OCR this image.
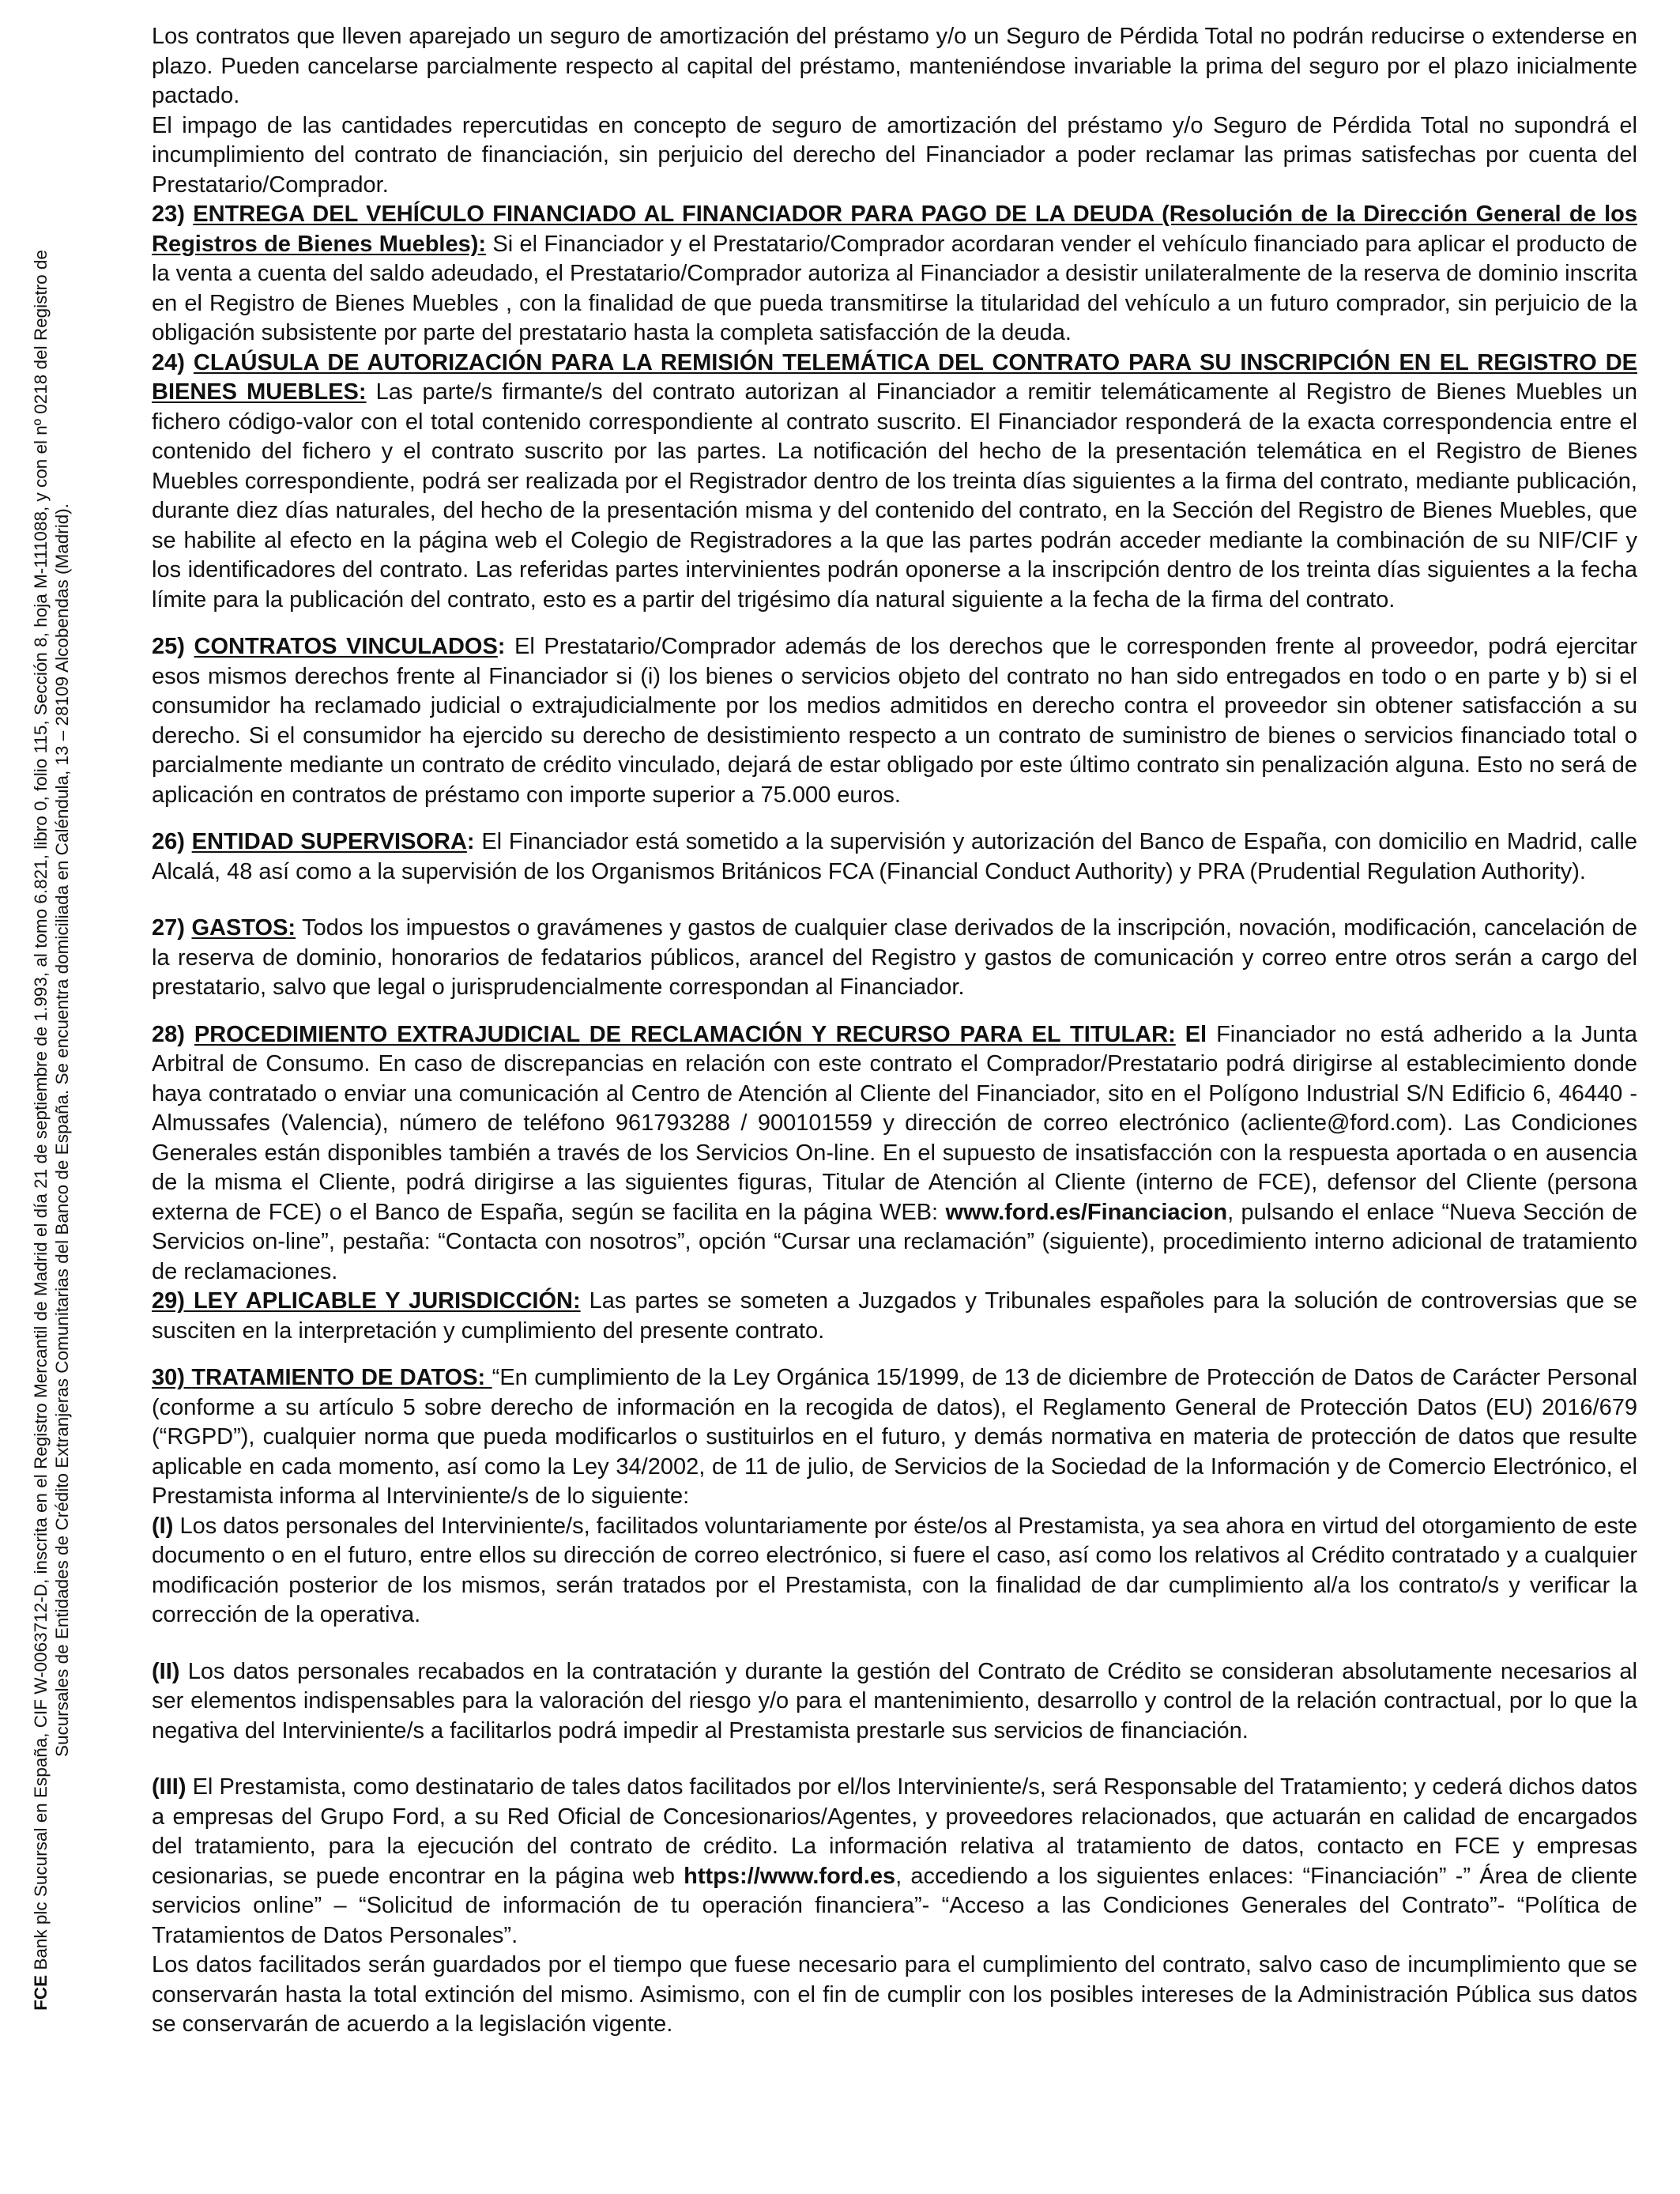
FCE Bank plc Sucursal en España, CIF W-0063712-D, inscrita en el Registro Mercantil de Madrid el día 21 de septiembre de 1.993, al tomo 6.821, libro 0, folio 115, Sección 8, hoja M-111088, y con el nº 0218 del Registro de Sucursales de Entidades de Crédito Extranjeras Comunitarias del Banco de España. Se encuentra domiciliada en Caléndula, 13 – 28109 Alcobendas (Madrid).

Los contratos que lleven aparejado un seguro de amortización del préstamo y/o un Seguro de Pérdida Total no podrán reducirse o extenderse en plazo. Pueden cancelarse parcialmente respecto al capital del préstamo, manteniéndose invariable la prima del seguro por el plazo inicialmente pactado.

El impago de las cantidades repercutidas en concepto de seguro de amortización del préstamo y/o Seguro de Pérdida Total no supondrá el incumplimiento del contrato de financiación, sin perjuicio del derecho del Financiador a poder reclamar las primas satisfechas por cuenta del Prestatario/Comprador.

23) ENTREGA DEL VEHÍCULO FINANCIADO AL FINANCIADOR PARA PAGO DE LA DEUDA (Resolución de la Dirección General de los Registros de Bienes Muebles): Si el Financiador y el Prestatario/Comprador acordaran vender el vehículo financiado para aplicar el producto de la venta a cuenta del saldo adeudado, el Prestatario/Comprador autoriza al Financiador a desistir unilateralmente de la reserva de dominio inscrita en el Registro de Bienes Muebles , con la finalidad de que pueda transmitirse la titularidad del vehículo a un futuro comprador, sin perjuicio de la obligación subsistente por parte del prestatario hasta la completa satisfacción de la deuda.

24) CLAÚSULA DE AUTORIZACIÓN PARA LA REMISIÓN TELEMÁTICA DEL CONTRATO PARA SU INSCRIPCIÓN EN EL REGISTRO DE BIENES MUEBLES: Las parte/s firmante/s del contrato autorizan al Financiador a remitir telemáticamente al Registro de Bienes Muebles un fichero código-valor con el total contenido correspondiente al contrato suscrito. El Financiador responderá de la exacta correspondencia entre el contenido del fichero y el contrato suscrito por las partes. La notificación del hecho de la presentación telemática en el Registro de Bienes Muebles correspondiente, podrá ser realizada por el Registrador dentro de los treinta días siguientes a la firma del contrato, mediante publicación, durante diez días naturales, del hecho de la presentación misma y del contenido del contrato, en la Sección del Registro de Bienes Muebles, que se habilite al efecto en la página web el Colegio de Registradores a la que las partes podrán acceder mediante la combinación de su NIF/CIF y los identificadores del contrato. Las referidas partes intervinientes podrán oponerse a la inscripción dentro de los treinta días siguientes a la fecha límite para la publicación del contrato, esto es a partir del trigésimo día natural siguiente a la fecha de la firma del contrato.

25) CONTRATOS VINCULADOS: El Prestatario/Comprador además de los derechos que le corresponden frente al proveedor, podrá ejercitar esos mismos derechos frente al Financiador si (i) los bienes o servicios objeto del contrato no han sido entregados en todo o en parte y b) si el consumidor ha reclamado judicial o extrajudicialmente por los medios admitidos en derecho contra el proveedor sin obtener satisfacción a su derecho. Si el consumidor ha ejercido su derecho de desistimiento respecto a un contrato de suministro de bienes o servicios financiado total o parcialmente mediante un contrato de crédito vinculado, dejará de estar obligado por este último contrato sin penalización alguna. Esto no será de aplicación en contratos de préstamo con importe superior a 75.000 euros.

26) ENTIDAD SUPERVISORA: El Financiador está sometido a la supervisión y autorización del Banco de España, con domicilio en Madrid, calle Alcalá, 48 así como a la supervisión de los Organismos Británicos FCA (Financial Conduct Authority) y PRA (Prudential Regulation Authority).

27) GASTOS: Todos los impuestos o gravámenes y gastos de cualquier clase derivados de la inscripción, novación, modificación, cancelación de la reserva de dominio, honorarios de fedatarios públicos, arancel del Registro y gastos de comunicación y correo entre otros serán a cargo del prestatario, salvo que legal o jurisprudencialmente correspondan al Financiador.

28) PROCEDIMIENTO EXTRAJUDICIAL DE RECLAMACIÓN Y RECURSO PARA EL TITULAR: El Financiador no está adherido a la Junta Arbitral de Consumo. En caso de discrepancias en relación con este contrato el Comprador/Prestatario podrá dirigirse al establecimiento donde haya contratado o enviar una comunicación al Centro de Atención al Cliente del Financiador, sito en el Polígono Industrial S/N Edificio 6, 46440 - Almussafes (Valencia), número de teléfono 961793288 / 900101559 y dirección de correo electrónico (acliente@ford.com). Las Condiciones Generales están disponibles también a través de los Servicios On-line. En el supuesto de insatisfacción con la respuesta aportada o en ausencia de la misma el Cliente, podrá dirigirse a las siguientes figuras, Titular de Atención al Cliente (interno de FCE), defensor del Cliente (persona externa de FCE) o el Banco de España, según se facilita en la página WEB: www.ford.es/Financiacion, pulsando el enlace “Nueva Sección de Servicios on-line”, pestaña: “Contacta con nosotros”, opción “Cursar una reclamación” (siguiente), procedimiento interno adicional de tratamiento de reclamaciones.

29) LEY APLICABLE Y JURISDICCIÓN: Las partes se someten a Juzgados y Tribunales españoles para la solución de controversias que se susciten en la interpretación y cumplimiento del presente contrato.

30) TRATAMIENTO DE DATOS: “En cumplimiento de la Ley Orgánica 15/1999, de 13 de diciembre de Protección de Datos de Carácter Personal (conforme a su artículo 5 sobre derecho de información en la recogida de datos), el Reglamento General de Protección Datos (EU) 2016/679 (“RGPD”), cualquier norma que pueda modificarlos o sustituirlos en el futuro, y demás normativa en materia de protección de datos que resulte aplicable en cada momento, así como la Ley 34/2002, de 11 de julio, de Servicios de la Sociedad de la Información y de Comercio Electrónico, el Prestamista informa al Interviniente/s de lo siguiente:

(I) Los datos personales del Interviniente/s, facilitados voluntariamente por éste/os al Prestamista, ya sea ahora en virtud del otorgamiento de este documento o en el futuro, entre ellos su dirección de correo electrónico, si fuere el caso, así como los relativos al Crédito contratado y a cualquier modificación posterior de los mismos, serán tratados por el Prestamista, con la finalidad de dar cumplimiento al/a los contrato/s y verificar la corrección de la operativa.

(II) Los datos personales recabados en la contratación y durante la gestión del Contrato de Crédito se consideran absolutamente necesarios al ser elementos indispensables para la valoración del riesgo y/o para el mantenimiento, desarrollo y control de la relación contractual, por lo que la negativa del Interviniente/s a facilitarlos podrá impedir al Prestamista prestarle sus servicios de financiación.

(III) El Prestamista, como destinatario de tales datos facilitados por el/los Interviniente/s, será Responsable del Tratamiento; y cederá dichos datos a empresas del Grupo Ford, a su Red Oficial de Concesionarios/Agentes, y proveedores relacionados, que actuarán en calidad de encargados del tratamiento, para la ejecución del contrato de crédito. La información relativa al tratamiento de datos, contacto en FCE y empresas cesionarias, se puede encontrar en la página web https://www.ford.es, accediendo a los siguientes enlaces: “Financiación” -” Área de cliente servicios online” – “Solicitud de información de tu operación financiera”- “Acceso a las Condiciones Generales del Contrato”- “Política de Tratamientos de Datos Personales”.

Los datos facilitados serán guardados por el tiempo que fuese necesario para el cumplimiento del contrato, salvo caso de incumplimiento que se conservarán hasta la total extinción del mismo. Asimismo, con el fin de cumplir con los posibles intereses de la Administración Pública sus datos se conservarán de acuerdo a la legislación vigente.
